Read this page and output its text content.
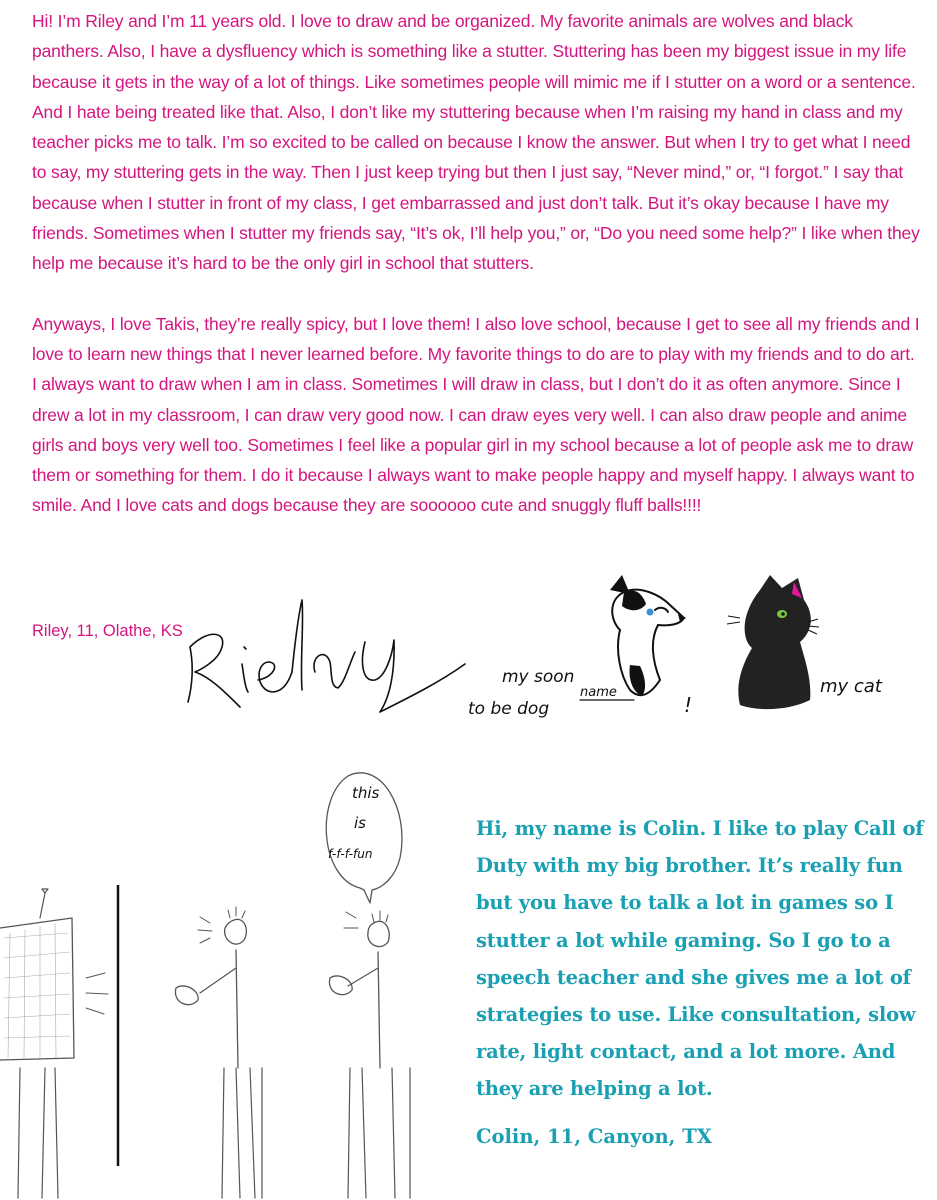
Hi! I’m Riley and I’m 11 years old. I love to draw and be organized. My favorite animals are wolves and black panthers. Also, I have a dysfluency which is something like a stutter. Stuttering has been my biggest issue in my life because it gets in the way of a lot of things. Like sometimes people will mimic me if I stutter on a word or a sentence. And I hate being treated like that. Also, I don’t like my stuttering because when I’m raising my hand in class and my teacher picks me to talk. I’m so excited to be called on because I know the answer. But when I try to get what I need to say, my stuttering gets in the way. Then I just keep trying but then I just say, “Never mind,” or, “I forgot.” I say that because when I stutter in front of my class, I get embarrassed and just don’t talk. But it’s okay because I have my friends. Sometimes when I stutter my friends say, “It’s ok, I’ll help you,” or, “Do you need some help?” I like when they help me because it’s hard to be the only girl in school that stutters.

Anyways, I love Takis, they’re really spicy, but I love them! I also love school, because I get to see all my friends and I love to learn new things that I never learned before. My favorite things to do are to play with my friends and to do art. I always want to draw when I am in class. Sometimes I will draw in class, but I don’t do it as often anymore. Since I drew a lot in my classroom, I can draw very good now. I can draw eyes very well. I can also draw people and anime girls and boys very well too. Sometimes I feel like a popular girl in my school because a lot of people ask me to draw them or something for them. I do it because I always want to make people happy and myself happy. I always want to smile. And I love cats and dogs because they are soooooo cute and snuggly fluff balls!!!!

Riley, 11, Olathe, KS
my soon
to be dog
name
!
my cat
this
is
f-f-f-fun
Hi, my name is Colin. I like to play Call of Duty with my big brother. It’s really fun but you have to talk a lot in games so I stutter a lot while gaming. So I go to a speech teacher and she gives me a lot of strategies to use. Like consultation, slow rate, light contact, and a lot more. And they are helping a lot.
Colin, 11, Canyon, TX
